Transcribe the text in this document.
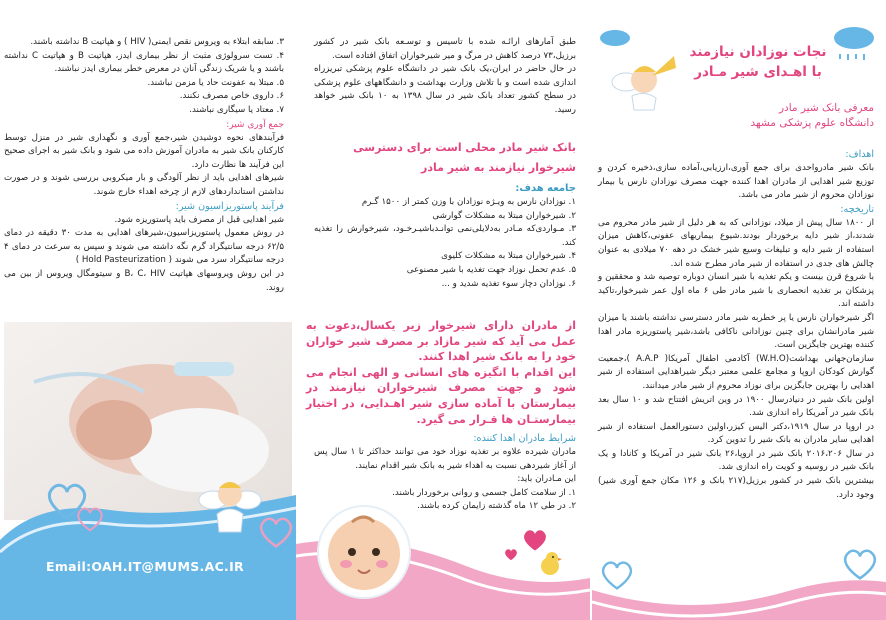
۳. سابقه ابتلاء به ویروس نقص ایمنی( HIV ) و هپاتیت B نداشته باشند.
۴. تست سرولوژی مثبت از نظر بیماری ایدز، هپاتیت B و هپاتیت C نداشته باشند و یا شریک زندگی آنان در معرض خطر بیماری ایدز نباشند.
۵. مبتلا به عفونت حاد یا مزمن نباشند.
۶. داروی خاص مصرف نکنند.
۷. معتاد یا سیگاری نباشند.
جمع آوری شیر:
فرآیندهای نحوه دوشیدن شیر،جمع آوری و نگهداری شیر در منزل توسط کارکنان بانک شیر به مادران آموزش داده می شود و بانک شیر به اجرای صحیح این فرآیند ها نظارت دارد.
شیرهای اهدایی باید از نظر آلودگی و بار میکروبی بررسی شوند و در صورت نداشتن استانداردهای لازم از چرخه اهداء خارج شوند.
فرآیند پاستوریزاسیون شیر:
شیر اهدایی قبل از مصرف باید پاستوریزه شود.
در روش معمول پاستوریزاسیون،شیرهای اهدایی به مدت ۳۰ دقیقه در دمای ۶۲/۵ درجه سانتیگراد گرم نگه داشته می شوند و سپس به سرعت در دمای ۴ درجه سانتیگراد سرد می شوند ( Hold Pasteurization )
در این روش ویروسهای هپاتیت B، C، HIV و سیتومگال ویروس از بین می روند.
Email:OAH.IT@MUMS.AC.IR
طبق آمارهای ارائـه شده با تاسیس و توسـعه بانک شیر در کشور برزیل،۷۳ درصد کاهش در مرگ و میر شیرخواران اتفاق افتاده است.
در حال حاضر در ایران،یک بانک شیر در دانشگاه علوم پزشکی تبریزراه اندازی شده است و با تلاش وزارت بهداشت و دانشگاههای علوم پزشکی در سطح کشور تعداد بانک شیر در سال ۱۳۹۸ به ۱۰ بانک شیر خواهد رسید.
بانک شیر مادر محلی است برای دسترسی شیرخوار نیازمند به شیر مادر
جامعه هدف:
۱. نوزادان نارس به ویـژه نوزادان با وزن کمتر از ۱۵۰۰ گـرم
۲. شیرخواران مبتلا به مشکلات گوارشی
۳. مـواردی‌که مـادر به‌دلایلی‌نمی توانـدباشیـرخـود، شیرخوارش را تغذیه کند.
۴. شیرخواران مبتلا به مشکلات کلیوی
۵. عدم تحمل نوزاد جهت تغذیه با شیر مصنوعی
۶. نوزادان دچار سوء تغذیه شدید و ...
از مادران دارای شیرخوار زیر یکسال،دعوت به عمل می آید که شیر مازاد بر مصرف شیر خواران خود را به بانک شیر اهدا کنند.
این اقدام با انگیزه های انسانی و الهی انجام می شود و جهت مصرف شیرخواران نیازمند در بیمارستان با آماده سازی شیر اهـدایی، در اختیار بیمارستـان ها قـرار می گیرد.
شرایط مادران اهدا کننده:
مادران شیرده علاوه بر تغذیه نوزاد خود می توانند حداکثر تا ۱ سال پس از آغاز شیردهی نسبت به اهداء شیر به بانک شیر اقدام نمایند.
این مـادران باید:
۱. از سلامت کامل جسمی و روانی برخوردار باشند.
۲. در طی ۱۲ ماه گذشته زایمان کرده باشند.
نجات نوزادان نیازمند
با اهـدای شیر مـادر
معرفی بانک شیر مادر
دانشگاه علوم پزشکی مشهد
اهداف:
بانک شیر مادرواحدی برای جمع آوری،ارزیابی،آماده سازی،ذخیره کردن و توزیع شیر اهدایی از مادران اهدا کننده جهت مصرف نوزادان نارس یا بیمار نوزادان محروم از شیر مادر می باشد.
تاریخچه:
از ۱۸۰۰ سال پیش از میلاد، نوزادانی که به هر دلیل از شیر مادر محروم می شدند،از شیر دایه برخوردار بودند.شیوع بیماریهای عفونی،کاهش میزان استفاده از شیر دایه و تبلیغات وسیع شیر خشک در دهه ۷۰ میلادی به عنوان چالش های جدی در استفاده از شیر مادر مطرح شده اند.
با شروع قرن بیست و یکم تغذیه با شیر انسان دوباره توصیه شد و محققین و پزشکان بر تغذیه انحصاری با شیر مادر طی ۶ ماه اول عمر شیرخوار،تاکید داشته اند.
اگر شیرخواران نارس یا پر خطربه شیر مادر دسترسی نداشته باشند یا میزان شیر مادرانشان برای چنین نوزادانی ناکافی باشد،شیر پاستوریزه مادر اهدا کننده بهترین جایگزین است.
سازمان‌جهانی بهداشت(W.H.O) آکادمی اطفال آمریکا( A.A.P )،جمعیت گوارش کودکان اروپا و مجامع علمی معتبر دیگر شیراهدایی استفاده از شیر اهدایی را بهترین جایگزین برای نوزاد محروم از شیر مادر میدانند.
اولین بانک شیر در دنیادرسال ۱۹۰۰ در وین اتریش افتتاح شد و ۱۰ سال بعد بانک شیر در آمریکا راه اندازی شد.
در اروپا در سال ۱۹۱۹،دکتر الیس کیزر،اولین دستورالعمل استفاده از شیر اهدایی سایر مادران به بانک شیر را تدوین کرد.
در سال ۲۰۱۶،۲۰۶ بانک شیر در اروپا،۲۶ بانک شیر در آمریکا و کانادا و یک بانک شیر در روسیه و کویت راه اندازی شد.
بیشترین بانک شیر در کشور برزیل(۲۱۷ بانک و ۱۲۶ مکان جمع آوری شیر) وجود دارد.
